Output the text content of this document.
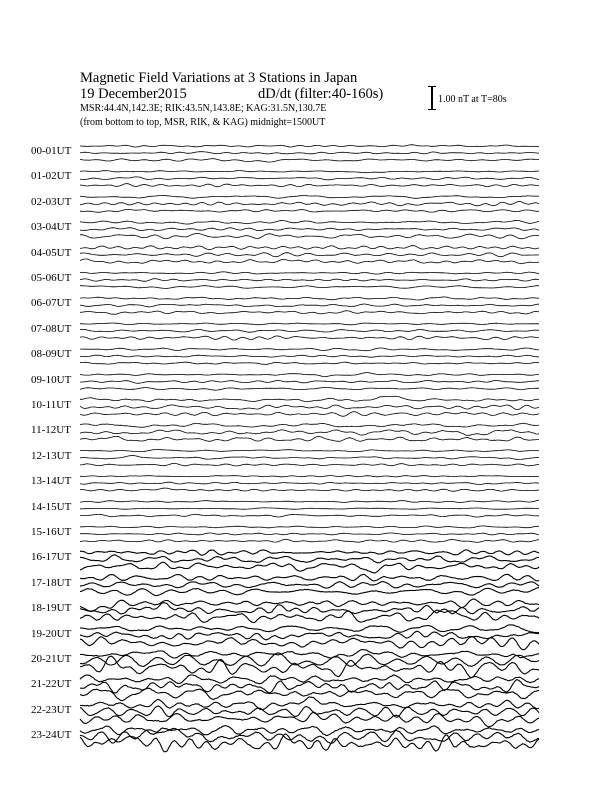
Magnetic Field Variations at 3 Stations in Japan
19 December2015	dD/dt (filter:40-160s)
MSR:44.4N,142.3E; RIK:43.5N,143.8E; KAG:31.5N,130.7E
(from bottom to top, MSR, RIK, & KAG) midnight=1500UT
1.00 nT at T=80s
00-01UT
01-02UT
02-03UT
03-04UT
04-05UT
05-06UT
06-07UT
07-08UT
08-09UT
09-10UT
10-11UT
11-12UT
12-13UT
13-14UT
14-15UT
15-16UT
16-17UT
17-18UT
18-19UT
19-20UT
20-21UT
21-22UT
22-23UT
23-24UT
